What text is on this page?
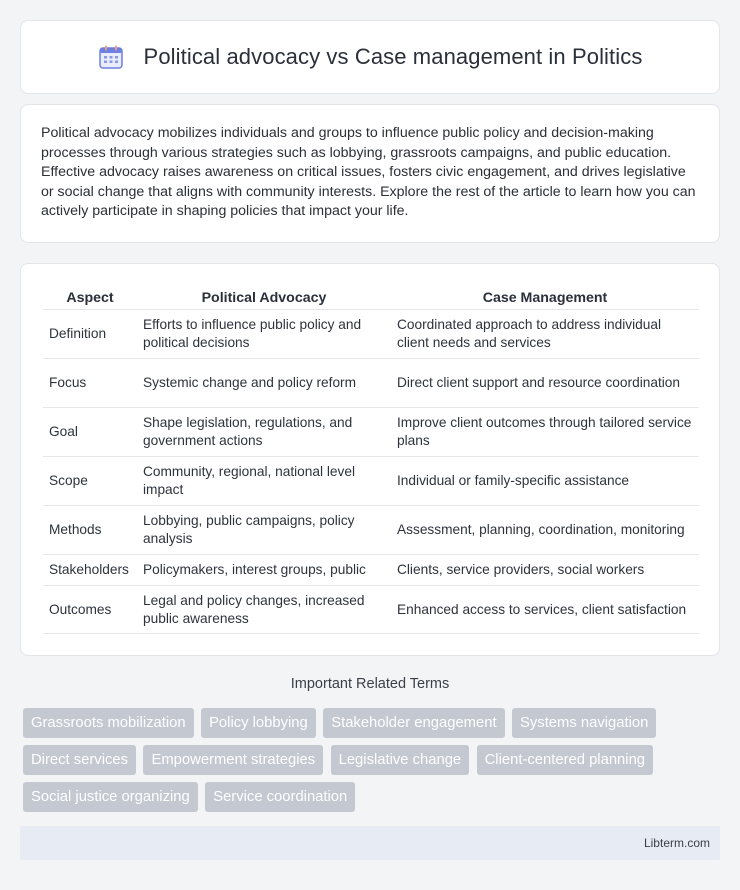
Political advocacy vs Case management in Politics

Political advocacy mobilizes individuals and groups to influence public policy and decision-making processes through various strategies such as lobbying, grassroots campaigns, and public education. Effective advocacy raises awareness on critical issues, fosters civic engagement, and drives legislative or social change that aligns with community interests. Explore the rest of the article to learn how you can actively participate in shaping policies that impact your life.

Aspect	Political Advocacy	Case Management
Definition	Efforts to influence public policy and political decisions	Coordinated approach to address individual client needs and services
Focus	Systemic change and policy reform	Direct client support and resource coordination
Goal	Shape legislation, regulations, and government actions	Improve client outcomes through tailored service plans
Scope	Community, regional, national level impact	Individual or family-specific assistance
Methods	Lobbying, public campaigns, policy analysis	Assessment, planning, coordination, monitoring
Stakeholders	Policymakers, interest groups, public	Clients, service providers, social workers
Outcomes	Legal and policy changes, increased public awareness	Enhanced access to services, client satisfaction
Important Related Terms
Grassroots mobilization Policy lobbying Stakeholder engagement Systems navigation Direct services Empowerment strategies Legislative change Client-centered planning Social justice organizing Service coordination
Libterm.com
